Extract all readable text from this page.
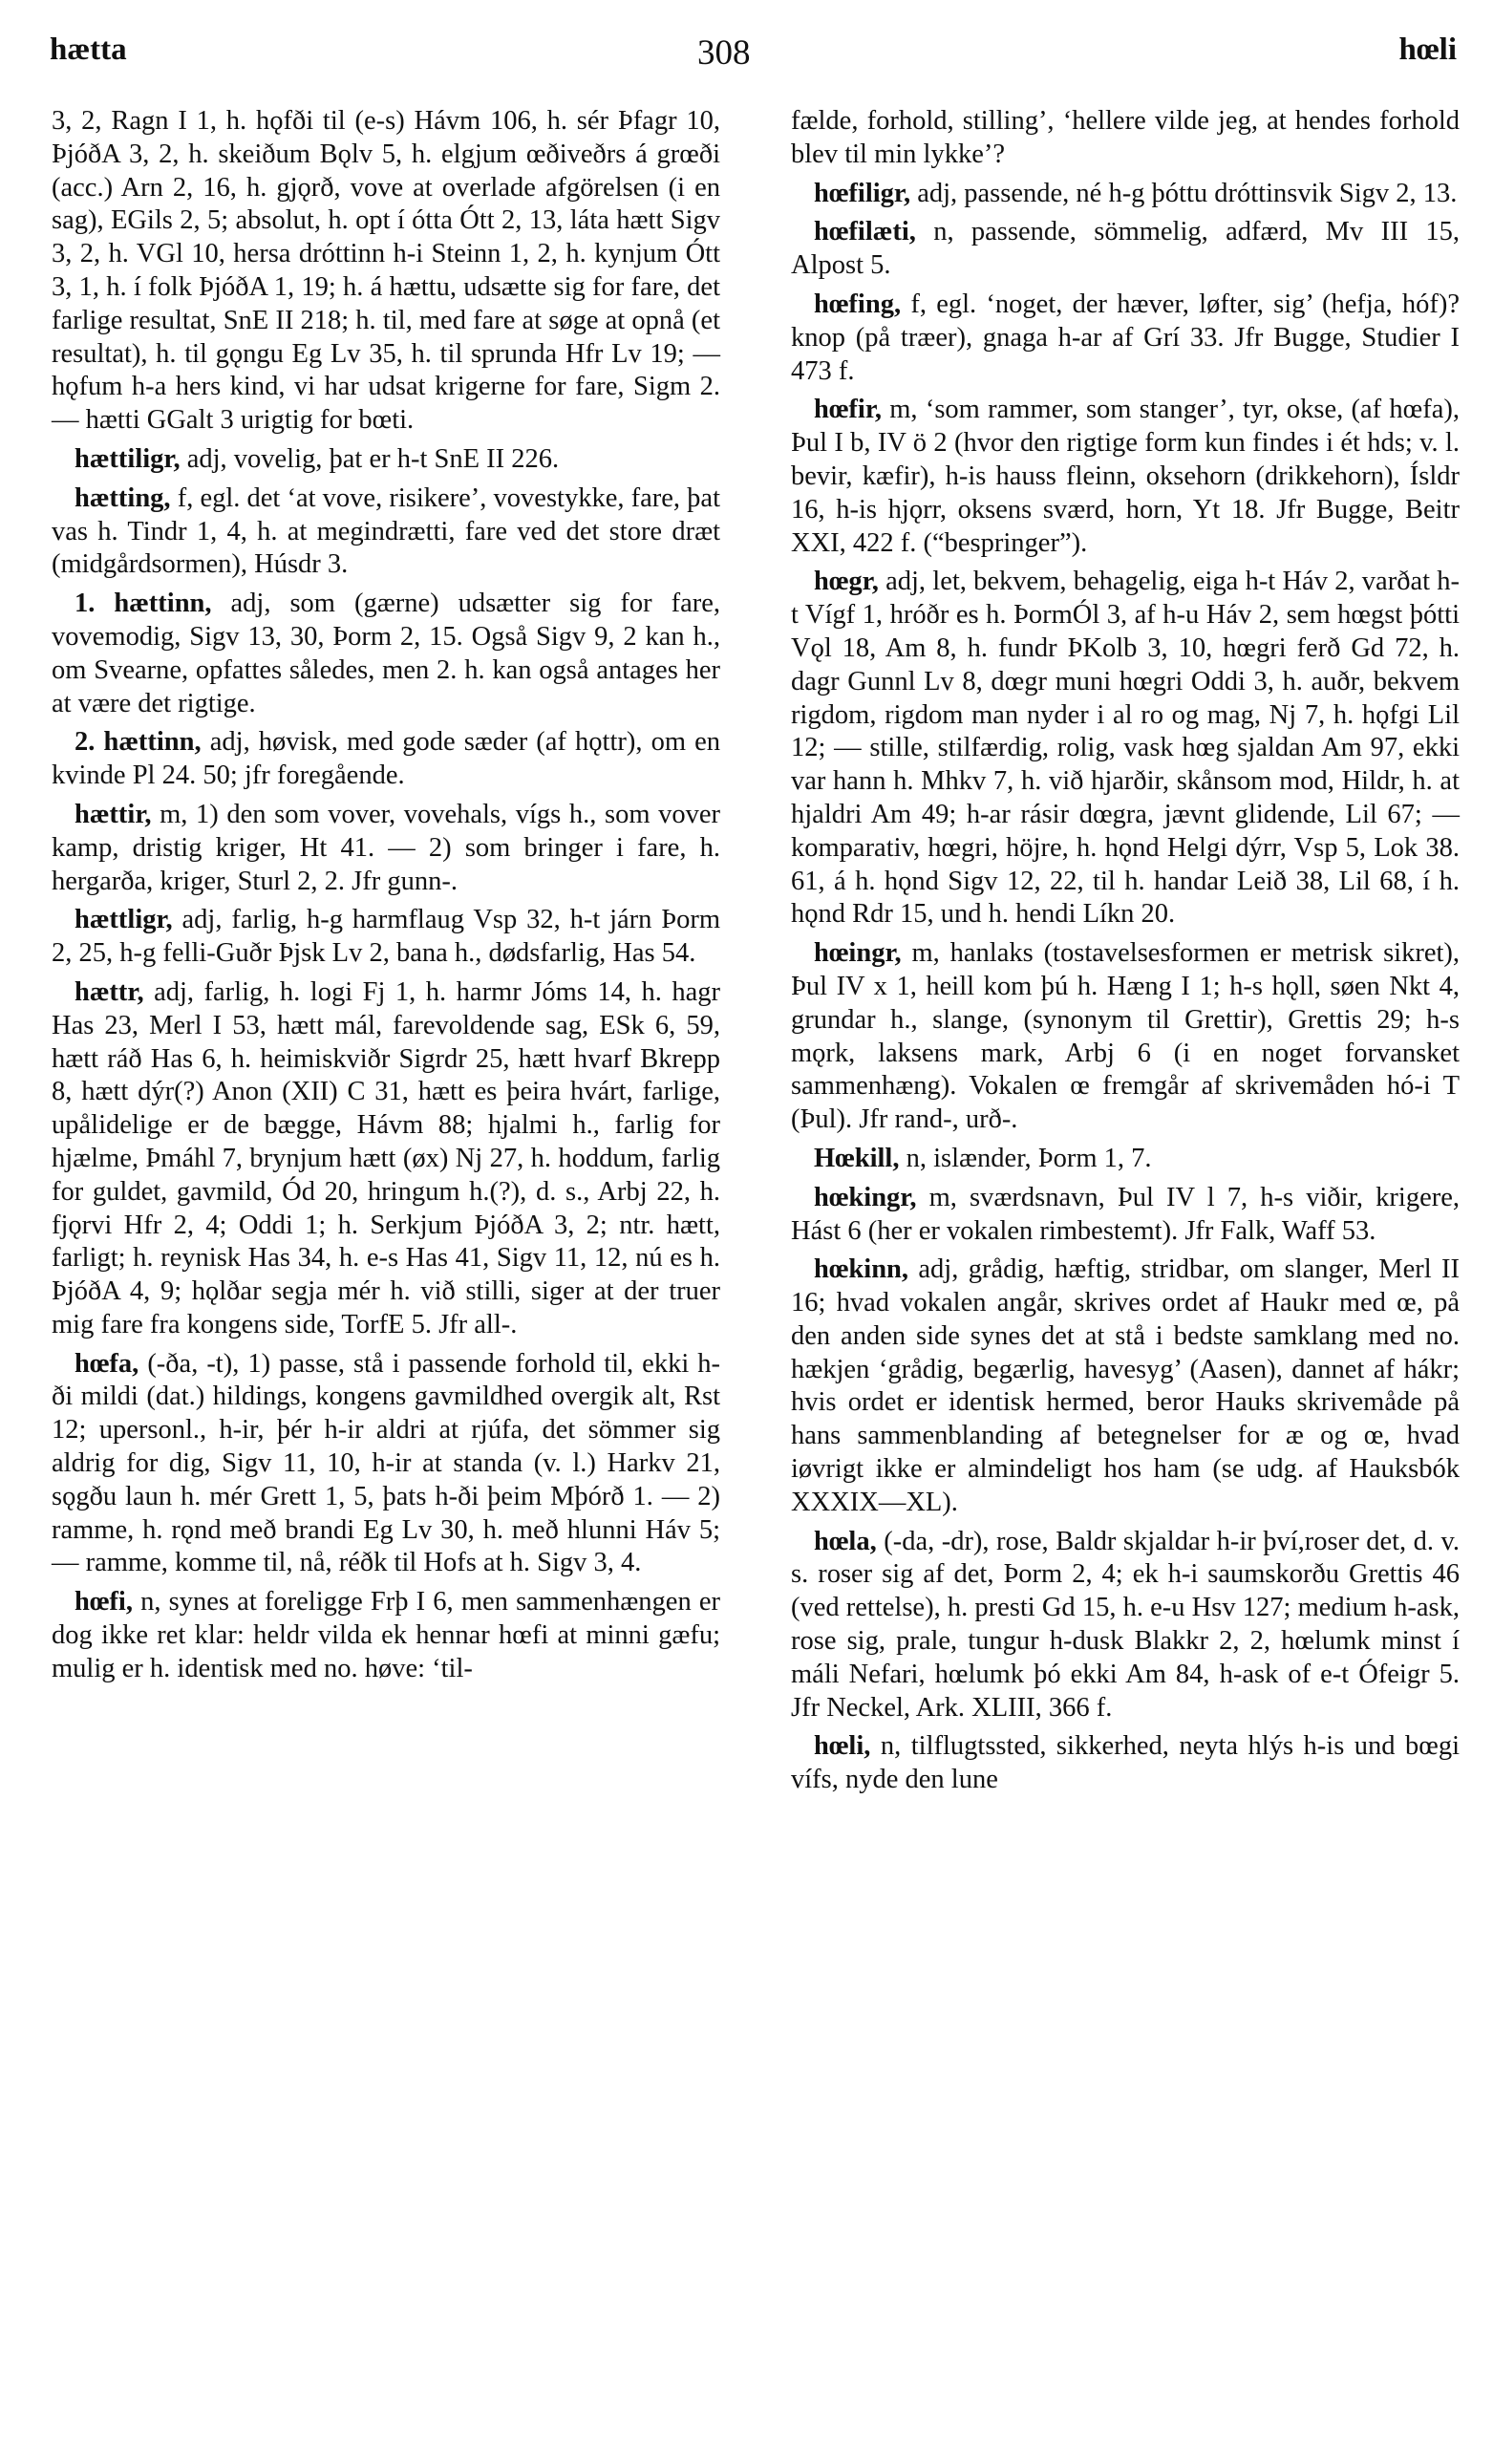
hætta	308	hœli

3, 2, Ragn I 1, h. hǫfði til (e-s) Hávm 106, h. sér Þfagr 10, ÞjóðA 3, 2, h. skeiðum Bǫlv 5, h. elgjum œðiveðrs á grœði (acc.) Arn 2, 16, h. gjǫrð, vove at overlade afgörelsen (i en sag), EGils 2, 5; absolut, h. opt í ótta Ótt 2, 13, láta hætt Sigv 3, 2, h. VGl 10, hersa dróttinn h-i Steinn 1, 2, h. kynjum Ótt 3, 1, h. í folk ÞjóðA 1, 19; h. á hættu, udsætte sig for fare, det farlige resultat, SnE II 218; h. til, med fare at søge at opnå (et resultat), h. til gǫngu Eg Lv 35, h. til sprunda Hfr Lv 19; — hǫfum h-a hers kind, vi har udsat krigerne for fare, Sigm 2. — hætti GGalt 3 urigtig for bœti.

hættiligr, adj, vovelig, þat er h-t SnE II 226.

hætting, f, egl. det ‘at vove, risikere’, vovestykke, fare, þat vas h. Tindr 1, 4, h. at megindrætti, fare ved det store dræt (midgårdsormen), Húsdr 3.

1. hættinn, adj, som (gærne) udsætter sig for fare, vovemodig, Sigv 13, 30, Þorm 2, 15. Også Sigv 9, 2 kan h., om Svearne, opfattes således, men 2. h. kan også antages her at være det rigtige.

2. hættinn, adj, høvisk, med gode sæder (af hǫttr), om en kvinde Pl 24. 50; jfr foregående.

hættir, m, 1) den som vover, vovehals, vígs h., som vover kamp, dristig kriger, Ht 41. — 2) som bringer i fare, h. hergarða, kriger, Sturl 2, 2. Jfr gunn-.

hættligr, adj, farlig, h-g harmflaug Vsp 32, h-t járn Þorm 2, 25, h-g felli-Guðr Þjsk Lv 2, bana h., dødsfarlig, Has 54.

hættr, adj, farlig, h. logi Fj 1, h. harmr Jóms 14, h. hagr Has 23, Merl I 53, hætt mál, farevoldende sag, ESk 6, 59, hætt ráð Has 6, h. heimiskviðr Sigrdr 25, hætt hvarf Bkrepp 8, hætt dýr(?) Anon (XII) C 31, hætt es þeira hvárt, farlige, upålidelige er de bægge, Hávm 88; hjalmi h., farlig for hjælme, Þmáhl 7, brynjum hætt (øx) Nj 27, h. hoddum, farlig for guldet, gavmild, Ód 20, hringum h.(?), d. s., Arbj 22, h. fjǫrvi Hfr 2, 4; Oddi 1; h. Serkjum ÞjóðA 3, 2; ntr. hætt, farligt; h. reynisk Has 34, h. e-s Has 41, Sigv 11, 12, nú es h. ÞjóðA 4, 9; hǫlðar segja mér h. við stilli, siger at der truer mig fare fra kongens side, TorfE 5. Jfr all-.

hœfa, (-ða, -t), 1) passe, stå i passende forhold til, ekki h-ði mildi (dat.) hildings, kongens gavmildhed overgik alt, Rst 12; upersonl., h-ir, þér h-ir aldri at rjúfa, det sömmer sig aldrig for dig, Sigv 11, 10, h-ir at standa (v. l.) Harkv 21, sǫgðu laun h. mér Grett 1, 5, þats h-ði þeim Mþórð 1. — 2) ramme, h. rǫnd með brandi Eg Lv 30, h. með hlunni Háv 5; — ramme, komme til, nå, réðk til Hofs at h. Sigv 3, 4.

hœfi, n, synes at foreligge Frþ I 6, men sammenhængen er dog ikke ret klar: heldr vilda ek hennar hœfi at minni gæfu; mulig er h. identisk med no. høve: ‘til-

fælde, forhold, stilling’, ‘hellere vilde jeg, at hendes forhold blev til min lykke’?

hœfiligr, adj, passende, né h-g þóttu dróttinsvik Sigv 2, 13.

hœfilæti, n, passende, sömmelig, adfærd, Mv III 15, Alpost 5.

hœfing, f, egl. ‘noget, der hæver, løfter, sig’ (hefja, hóf)? knop (på træer), gnaga h-ar af Grí 33. Jfr Bugge, Studier I 473 f.

hœfir, m, ‘som rammer, som stanger’, tyr, okse, (af hœfa), Þul I b, IV ö 2 (hvor den rigtige form kun findes i ét hds; v. l. bevir, kæfir), h-is hauss fleinn, oksehorn (drikkehorn), Ísldr 16, h-is hjǫrr, oksens sværd, horn, Yt 18. Jfr Bugge, Beitr XXI, 422 f. (“bespringer”).

hœgr, adj, let, bekvem, behagelig, eiga h-t Háv 2, varðat h-t Vígf 1, hróðr es h. ÞormÓl 3, af h-u Háv 2, sem hœgst þótti Vǫl 18, Am 8, h. fundr ÞKolb 3, 10, hœgri ferð Gd 72, h. dagr Gunnl Lv 8, dœgr muni hœgri Oddi 3, h. auðr, bekvem rigdom, rigdom man nyder i al ro og mag, Nj 7, h. hǫfgi Lil 12; — stille, stilfærdig, rolig, vask hœg sjaldan Am 97, ekki var hann h. Mhkv 7, h. við hjarðir, skånsom mod, Hildr, h. at hjaldri Am 49; h-ar rásir dœgra, jævnt glidende, Lil 67; — komparativ, hœgri, höjre, h. hǫnd Helgi dýrr, Vsp 5, Lok 38. 61, á h. hǫnd Sigv 12, 22, til h. handar Leið 38, Lil 68, í h. hǫnd Rdr 15, und h. hendi Líkn 20.

hœingr, m, hanlaks (tostavelsesformen er metrisk sikret), Þul IV x 1, heill kom þú h. Hæng I 1; h-s hǫll, søen Nkt 4, grundar h., slange, (synonym til Grettir), Grettis 29; h-s mǫrk, laksens mark, Arbj 6 (i en noget forvansket sammenhæng). Vokalen œ fremgår af skrivemåden hó-i T (Þul). Jfr rand-, urð-.

Hœkill, n, islænder, Þorm 1, 7.

hœkingr, m, sværdsnavn, Þul IV l 7, h-s viðir, krigere, Hást 6 (her er vokalen rimbestemt). Jfr Falk, Waff 53.

hœkinn, adj, grådig, hæftig, stridbar, om slanger, Merl II 16; hvad vokalen angår, skrives ordet af Haukr med œ, på den anden side synes det at stå i bedste samklang med no. hækjen ‘grådig, begærlig, havesyg’ (Aasen), dannet af hákr; hvis ordet er identisk hermed, beror Hauks skrivemåde på hans sammenblanding af betegnelser for æ og œ, hvad iøvrigt ikke er almindeligt hos ham (se udg. af Hauksbók XXXIX—XL).

hœla, (-da, -dr), rose, Baldr skjaldar h-ir því,roser det, d. v. s. roser sig af det, Þorm 2, 4; ek h-i saumskorðu Grettis 46 (ved rettelse), h. presti Gd 15, h. e-u Hsv 127; medium h-ask, rose sig, prale, tungur h-dusk Blakkr 2, 2, hœlumk minst í máli Nefari, hœlumk þó ekki Am 84, h-ask of e-t Ófeigr 5. Jfr Neckel, Ark. XLIII, 366 f.

hœli, n, tilflugtssted, sikkerhed, neyta hlýs h-is und bœgi vífs, nyde den lune
